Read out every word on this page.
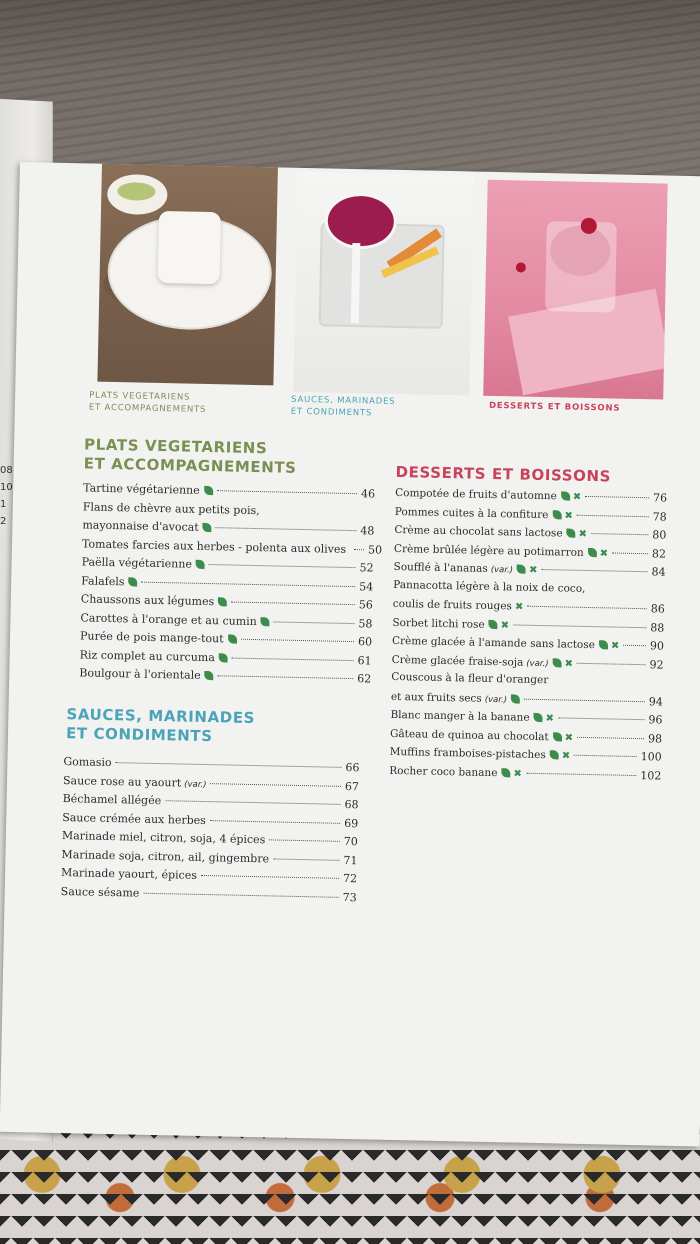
08
10
1
2
PLATS VEGETARIENS
ET ACCOMPAGNEMENTS
SAUCES, MARINADES
ET CONDIMENTS	DESSERTS ET BOISSONS
PLATS VEGETARIENS
ET ACCOMPAGNEMENTS	DESSERTS ET BOISSONS
SAUCES, MARINADES
ET CONDIMENTS
Tartine végétarienne	46
Flans de chèvre aux petits pois,
mayonnaise d'avocat	48
Tomates farcies aux herbes - polenta aux olives 50
Paëlla végétarienne	52
Falafels	54
Chaussons aux légumes	56
Carottes à l'orange et au cumin	58
Purée de pois mange-tout	60
Riz complet au curcuma	61
Boulgour à l'orientale	62
Gomasio	66
Sauce rose au yaourt (var.)	67
Béchamel allégée	68
Sauce crémée aux herbes	69
Marinade miel, citron, soja, 4 épices	70
Marinade soja, citron, ail, gingembre	71
Marinade yaourt, épices	72
Sauce sésame	73
Compotée de fruits d'automne ✖	76
Pommes cuites à la confiture ✖	78
Crème au chocolat sans lactose ✖	80
Crème brûlée légère au potimarron ✖	82
Soufflé à l'ananas (var.) ✖	84
Pannacotta légère à la noix de coco,
coulis de fruits rouges ✖	86
Sorbet litchi rose ✖	88
Crème glacée à l'amande sans lactose ✖	90
Crème glacée fraise-soja (var.) ✖	92
Couscous à la fleur d'oranger
et aux fruits secs (var.)	94
Blanc manger à la banane ✖	96
Gâteau de quinoa au chocolat ✖	98
Muffins framboises-pistaches ✖	100
Rocher coco banane ✖	102
